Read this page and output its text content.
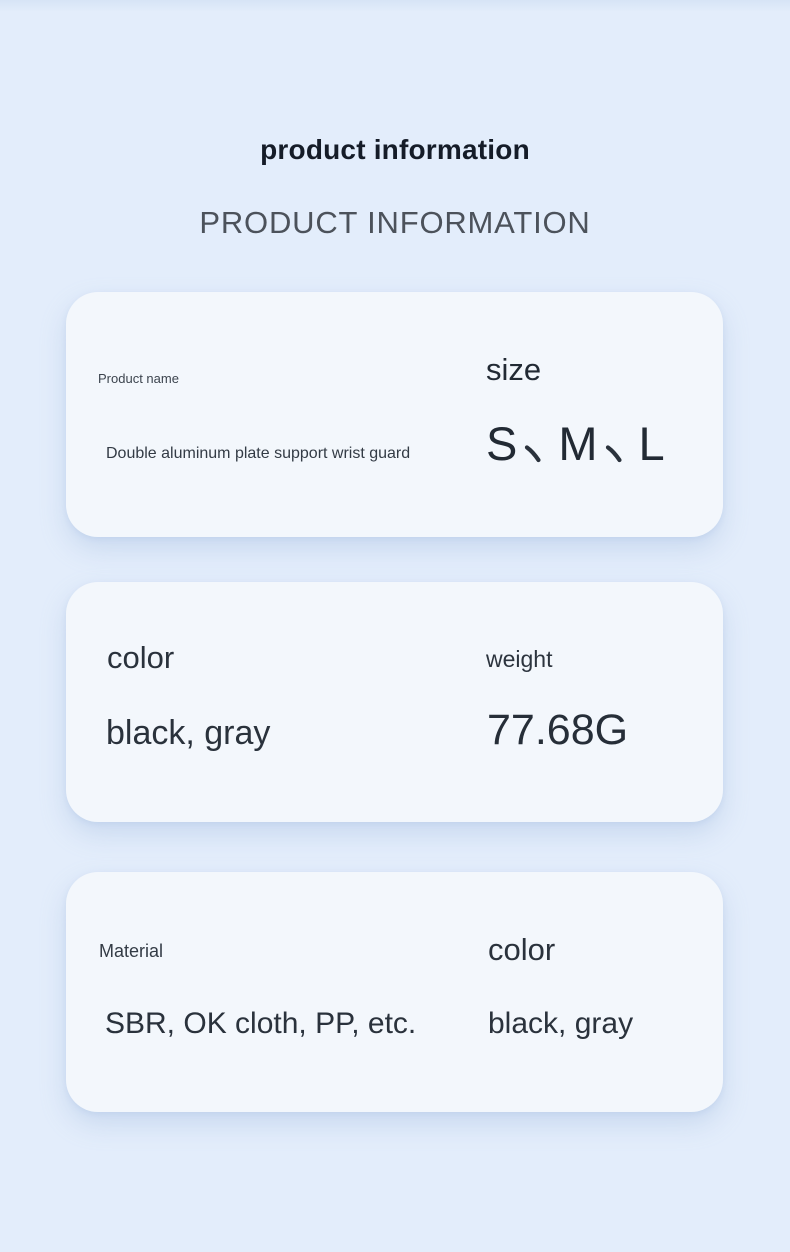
product information
PRODUCT INFORMATION
Product name
Double aluminum plate support wrist guard
size
S M L
color
black, gray
weight
77.68G
Material
SBR, OK cloth, PP, etc.
color
black, gray
